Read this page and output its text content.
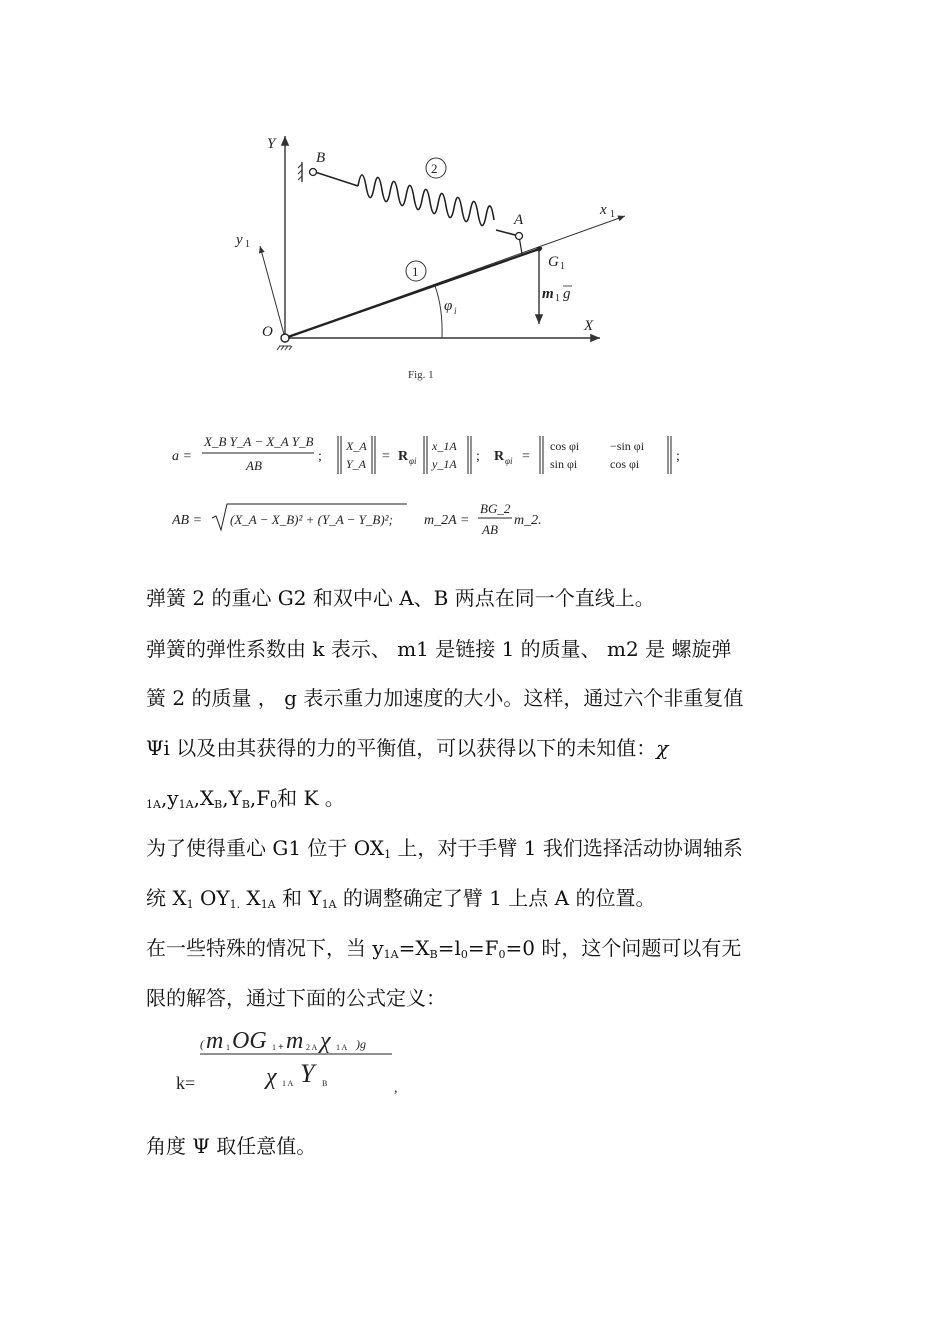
Y
B
2
A
x 1
y 1
1
G 1
m 1 g
φ i
O	X
Fig. 1
a =
X_B Y_A − X_A Y_B
AB
;
X_A
Y_A = R φi
x_1A
y_1A ; R φi =
cos φi	−sin φi
sin φi	cos φi	;
AB = (X_A − X_B)² + (Y_A − Y_B)²; m_2A =
BG_2
AB
m_2.
弹簧 2 的重心 G2 和双中心 A、B 两点在同一个直线上。
弹簧的弹性系数由 k 表示、 m1 是链接 1 的质量、 m2 是 螺旋弹
簧 2 的质量 ， g 表示重力加速度的大小。这样，通过六个非重复值
Ψi 以及由其获得的力的平衡值，可以获得以下的未知值：χ
$_{1A},y_{1A},X_B,Y_B,F_0$和 K 。
为了使得重心 G1 位于 $OX_1$ 上，对于手臂 1 我们选择活动协调轴系
统 $X_1$ $OY_{1.}$ $X_{1A}$ 和 $Y_{1A}$ 的调整确定了臂 1 上点 A 的位置。
在一些特殊的情况下，当 $y_{1A}=X_B=l_0=F_0=0$ 时，这个问题可以有无
限的解答，通过下面的公式定义：
k=
( m 1 OG 1 + m 2 A χ 1 A )g
χ 1 A Y B	,
角度 Ψ 取任意值。
